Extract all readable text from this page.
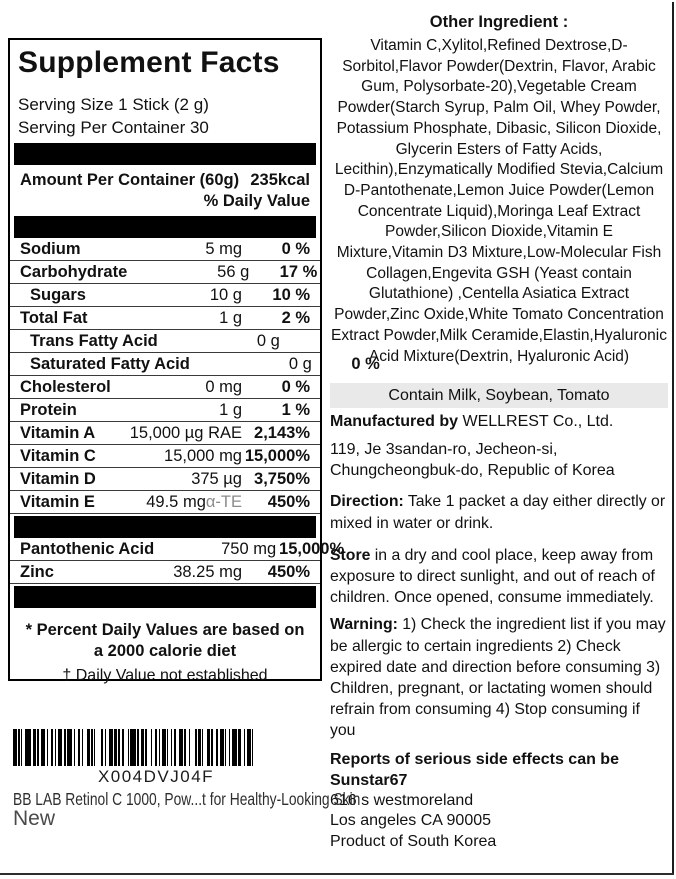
Supplement Facts
Serving Size 1 Stick (2 g)
Serving Per Container 30
Amount Per Container (60g) 235kcal
% Daily Value
Sodium	5 mg	0 %
Carbohydrate	56 g	17 %
Sugars	10 g	10 %
Total Fat	1 g	2 %
Trans Fatty Acid	0 g
Saturated Fatty Acid	0 g	0 %
Cholesterol	0 mg	0 %
Protein	1 g	1 %
Vitamin A	15,000 µg RAE 2,143%
Vitamin C	15,000 mg 15,000%
Vitamin D	375 µg 3,750%
Vitamin E	49.5 mgα-TE	450%
Pantothenic Acid	750 mg 15,000%
Zinc	38.25 mg	450%
* Percent Daily Values are based on a 2000 calorie diet
† Daily Value not established
Other Ingredient :
Vitamin C,Xylitol,Refined Dextrose,D-Sorbitol,Flavor Powder(Dextrin, Flavor, Arabic Gum, Polysorbate-20),Vegetable Cream Powder(Starch Syrup, Palm Oil, Whey Powder, Potassium Phosphate, Dibasic, Silicon Dioxide, Glycerin Esters of Fatty Acids, Lecithin),Enzymatically Modified Stevia,Calcium D-Pantothenate,Lemon Juice Powder(Lemon Concentrate Liquid),Moringa Leaf Extract Powder,Silicon Dioxide,Vitamin E Mixture,Vitamin D3 Mixture,Low-Molecular Fish Collagen,Engevita GSH (Yeast contain Glutathione) ,Centella Asiatica Extract Powder,Zinc Oxide,White Tomato Concentration Extract Powder,Milk Ceramide,Elastin,Hyaluronic Acid Mixture(Dextrin, Hyaluronic Acid)
Contain Milk, Soybean, Tomato
Manufactured by WELLREST Co., Ltd.
119, Je 3sandan-ro, Jecheon-si,
Chungcheongbuk-do, Republic of Korea
Direction: Take 1 packet a day either directly or mixed in water or drink.
Store in a dry and cool place, keep away from exposure to direct sunlight, and out of reach of children. Once opened, consume immediately.
Warning: 1) Check the ingredient list if you may be allergic to certain ingredients 2) Check expired date and direction before consuming 3) Children, pregnant, or lactating women should refrain from consuming 4) Stop consuming if you
Reports of serious side effects can be Sunstar67
616 s westmoreland
Los angeles CA 90005
Product of South Korea
X004DVJ04F
BB LAB Retinol C 1000, Pow...t for Healthy-Looking Skin
New
